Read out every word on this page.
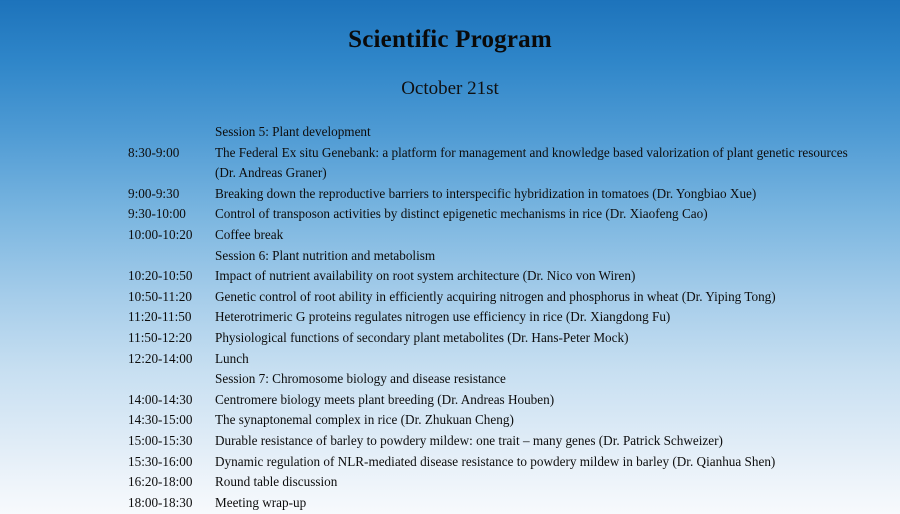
Scientific Program
October 21st
Session 5: Plant development
8:30-9:00	The Federal Ex situ Genebank: a platform for management and knowledge based valorization of plant genetic resources
(Dr. Andreas Graner)
9:00-9:30	Breaking down the reproductive barriers to interspecific hybridization in tomatoes (Dr. Yongbiao Xue)
9:30-10:00	Control of transposon activities by distinct epigenetic mechanisms in rice (Dr. Xiaofeng Cao)
10:00-10:20	Coffee break
Session 6: Plant nutrition and metabolism
10:20-10:50	Impact of nutrient availability on root system architecture (Dr. Nico von Wiren)
10:50-11:20	Genetic control of root ability in efficiently acquiring nitrogen and phosphorus in wheat (Dr. Yiping Tong)
11:20-11:50	Heterotrimeric G proteins regulates nitrogen use efficiency in rice (Dr. Xiangdong Fu)
11:50-12:20	Physiological functions of secondary plant metabolites (Dr. Hans-Peter Mock)
12:20-14:00	Lunch
Session 7: Chromosome biology and disease resistance
14:00-14:30	Centromere biology meets plant breeding (Dr. Andreas Houben)
14:30-15:00	The synaptonemal complex in rice (Dr. Zhukuan Cheng)
15:00-15:30	Durable resistance of barley to powdery mildew: one trait – many genes (Dr. Patrick Schweizer)
15:30-16:00	Dynamic regulation of NLR-mediated disease resistance to powdery mildew in barley (Dr. Qianhua Shen)
16:20-18:00	Round table discussion
18:00-18:30	Meeting wrap-up
